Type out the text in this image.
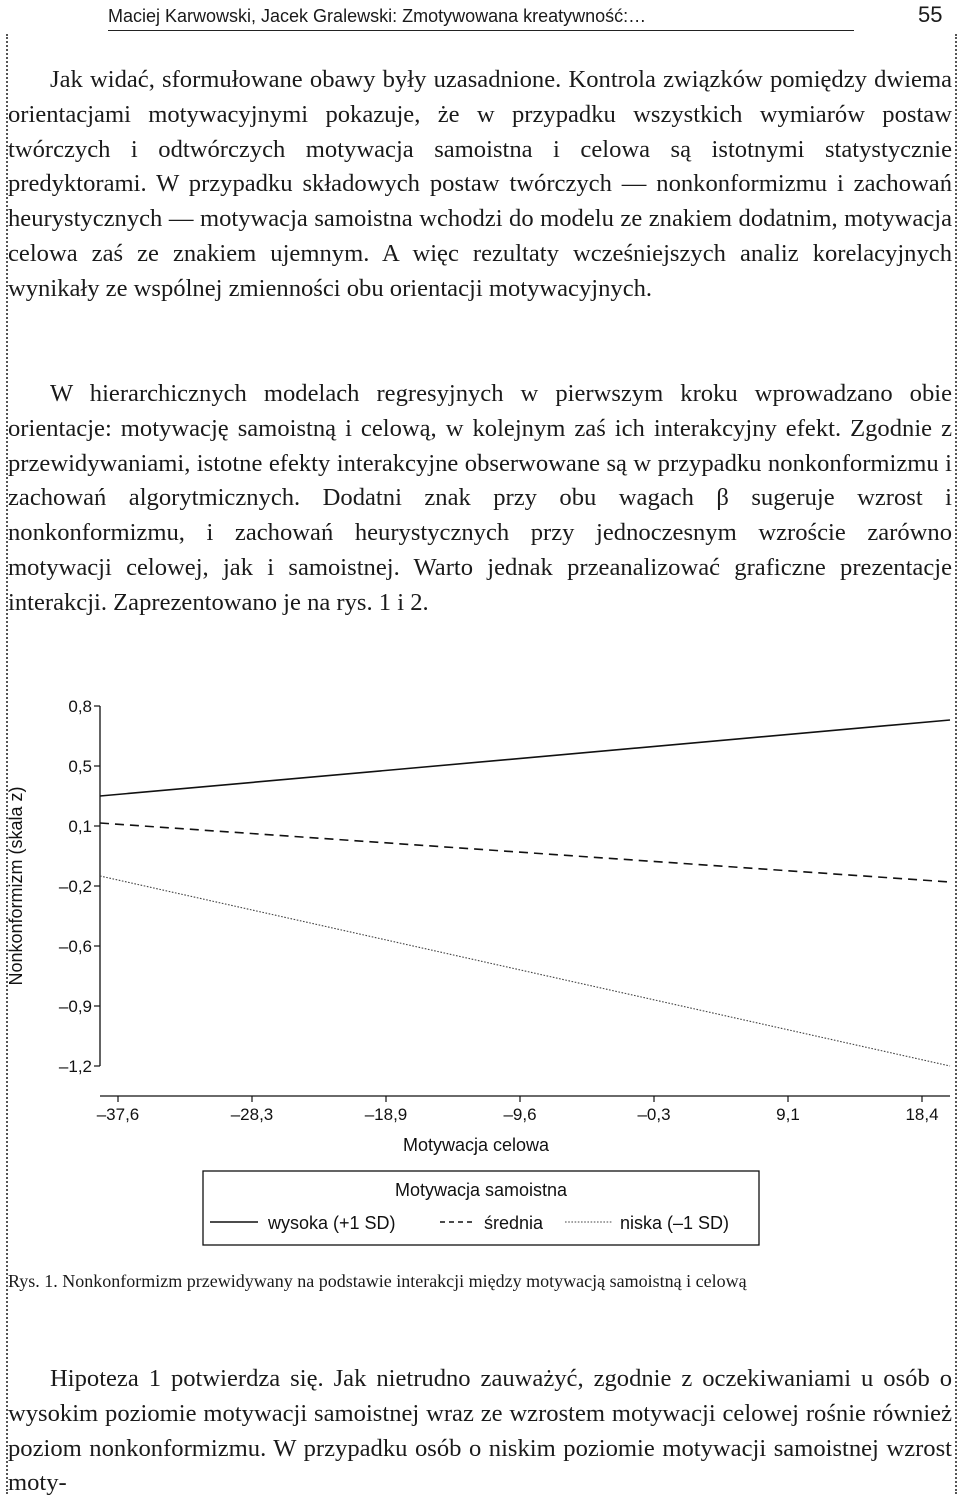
Maciej Karwowski, Jacek Gralewski: Zmotywowana kreatywność:…	55

Jak widać, sformułowane obawy były uzasadnione. Kontrola związków pomiędzy dwiema orientacjami motywacyjnymi pokazuje, że w przypadku wszystkich wymiarów postaw twórczych i odtwórczych motywacja samoistna i celowa są istotnymi statystycznie predyktorami. W przypadku składowych postaw twórczych — nonkonformizmu i zachowań heurystycznych — motywacja samoistna wchodzi do modelu ze znakiem dodatnim, motywacja celowa zaś ze znakiem ujemnym. A więc rezultaty wcześniejszych analiz korelacyjnych wynikały ze wspólnej zmienności obu orientacji motywacyjnych.

W hierarchicznych modelach regresyjnych w pierwszym kroku wprowadzano obie orientacje: motywację samoistną i celową, w kolejnym zaś ich interakcyjny efekt. Zgodnie z przewidywaniami, istotne efekty interakcyjne obserwowane są w przypadku nonkonformizmu i zachowań algorytmicznych. Dodatni znak przy obu wagach β sugeruje wzrost i nonkonformizmu, i zachowań heurystycznych przy jednoczesnym wzroście zarówno motywacji celowej, jak i samoistnej. Warto jednak przeanalizować graficzne prezentacje interakcji. Zaprezentowano je na rys. 1 i 2.

0,8
0,5
0,1
–0,2
–0,6
–0,9
–1,2
–37,6	–28,3	–18,9	–9,6	–0,3	9,1	18,4
Motywacja celowa
Nonkonformizm (skala z)
Motywacja samoistna
wysoka (+1 SD)	średnia	niska (–1 SD)

Rys. 1. Nonkonformizm przewidywany na podstawie interakcji między motywacją samoistną i celową

Hipoteza 1 potwierdza się. Jak nietrudno zauważyć, zgodnie z oczekiwaniami u osób o wysokim poziomie motywacji samoistnej wraz ze wzrostem motywacji celowej rośnie również poziom nonkonformizmu. W przypadku osób o niskim poziomie motywacji samoistnej wzrost moty-
